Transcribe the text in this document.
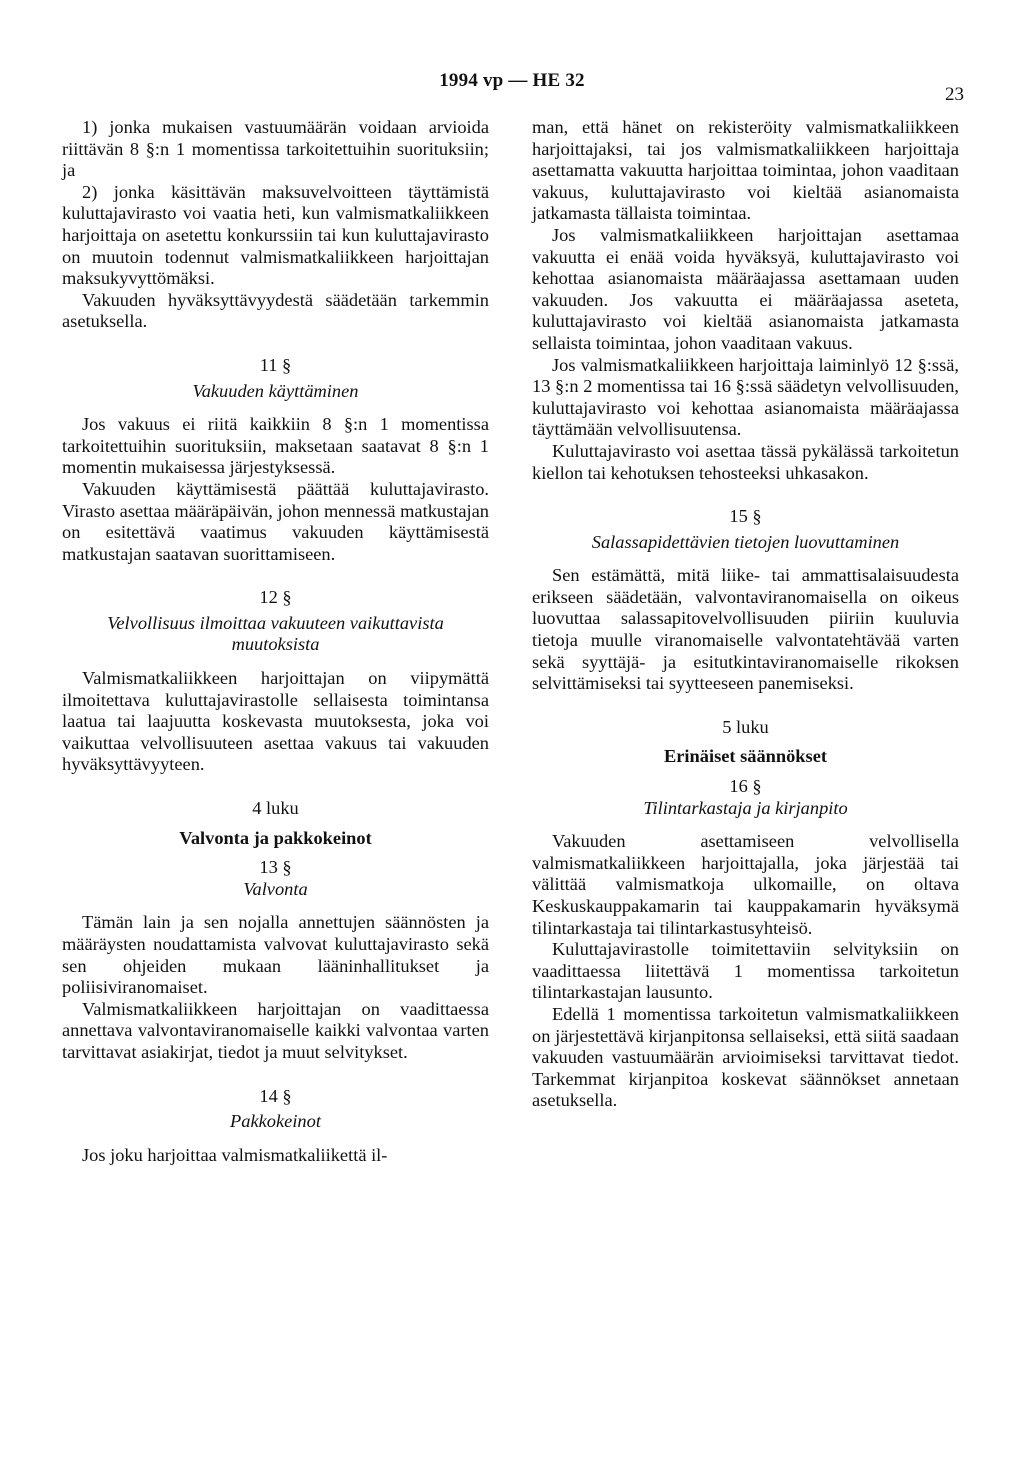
1994 vp — HE 32
23

1) jonka mukaisen vastuumäärän voidaan arvioida riittävän 8 §:n 1 momentissa tarkoitettuihin suorituksiin; ja

2) jonka käsittävän maksuvelvoitteen täyttämistä kuluttajavirasto voi vaatia heti, kun valmismatkaliikkeen harjoittaja on asetettu konkurssiin tai kun kuluttajavirasto on muutoin todennut valmismatkaliikkeen harjoittajan maksukyvyttömäksi.

Vakuuden hyväksyttävyydestä säädetään tarkemmin asetuksella.

11 §
Vakuuden käyttäminen

Jos vakuus ei riitä kaikkiin 8 §:n 1 momentissa tarkoitettuihin suorituksiin, maksetaan saatavat 8 §:n 1 momentin mukaisessa järjestyksessä.

Vakuuden käyttämisestä päättää kuluttajavirasto. Virasto asettaa määräpäivän, johon mennessä matkustajan on esitettävä vaatimus vakuuden käyttämisestä matkustajan saatavan suorittamiseen.

12 §
Velvollisuus ilmoittaa vakuuteen vaikuttavista muutoksista

Valmismatkaliikkeen harjoittajan on viipymättä ilmoitettava kuluttajavirastolle sellaisesta toimintansa laatua tai laajuutta koskevasta muutoksesta, joka voi vaikuttaa velvollisuuteen asettaa vakuus tai vakuuden hyväksyttävyyteen.

4 luku
Valvonta ja pakkokeinot
13 §
Valvonta

Tämän lain ja sen nojalla annettujen säännösten ja määräysten noudattamista valvovat kuluttajavirasto sekä sen ohjeiden mukaan lääninhallitukset ja poliisiviranomaiset.

Valmismatkaliikkeen harjoittajan on vaadittaessa annettava valvontaviranomaiselle kaikki valvontaa varten tarvittavat asiakirjat, tiedot ja muut selvitykset.

14 §
Pakkokeinot

Jos joku harjoittaa valmismatkaliikettä il-

man, että hänet on rekisteröity valmismatkaliikkeen harjoittajaksi, tai jos valmismatkaliikkeen harjoittaja asettamatta vakuutta harjoittaa toimintaa, johon vaaditaan vakuus, kuluttajavirasto voi kieltää asianomaista jatkamasta tällaista toimintaa.

Jos valmismatkaliikkeen harjoittajan asettamaa vakuutta ei enää voida hyväksyä, kuluttajavirasto voi kehottaa asianomaista määräajassa asettamaan uuden vakuuden. Jos vakuutta ei määräajassa aseteta, kuluttajavirasto voi kieltää asianomaista jatkamasta sellaista toimintaa, johon vaaditaan vakuus.

Jos valmismatkaliikkeen harjoittaja laiminlyö 12 §:ssä, 13 §:n 2 momentissa tai 16 §:ssä säädetyn velvollisuuden, kuluttajavirasto voi kehottaa asianomaista määräajassa täyttämään velvollisuutensa.

Kuluttajavirasto voi asettaa tässä pykälässä tarkoitetun kiellon tai kehotuksen tehosteeksi uhkasakon.

15 §
Salassapidettävien tietojen luovuttaminen

Sen estämättä, mitä liike- tai ammattisalaisuudesta erikseen säädetään, valvontaviranomaisella on oikeus luovuttaa salassapitovelvollisuuden piiriin kuuluvia tietoja muulle viranomaiselle valvontatehtävää varten sekä syyttäjä- ja esitutkintaviranomaiselle rikoksen selvittämiseksi tai syytteeseen panemiseksi.

5 luku
Erinäiset säännökset
16 §
Tilintarkastaja ja kirjanpito

Vakuuden asettamiseen velvollisella valmismatkaliikkeen harjoittajalla, joka järjestää tai välittää valmismatkoja ulkomaille, on oltava Keskuskauppakamarin tai kauppakamarin hyväksymä tilintarkastaja tai tilintarkastusyhteisö.

Kuluttajavirastolle toimitettaviin selvityksiin on vaadittaessa liitettävä 1 momentissa tarkoitetun tilintarkastajan lausunto.

Edellä 1 momentissa tarkoitetun valmismatkaliikkeen on järjestettävä kirjanpitonsa sellaiseksi, että siitä saadaan vakuuden vastuumäärän arvioimiseksi tarvittavat tiedot. Tarkemmat kirjanpitoa koskevat säännökset annetaan asetuksella.
